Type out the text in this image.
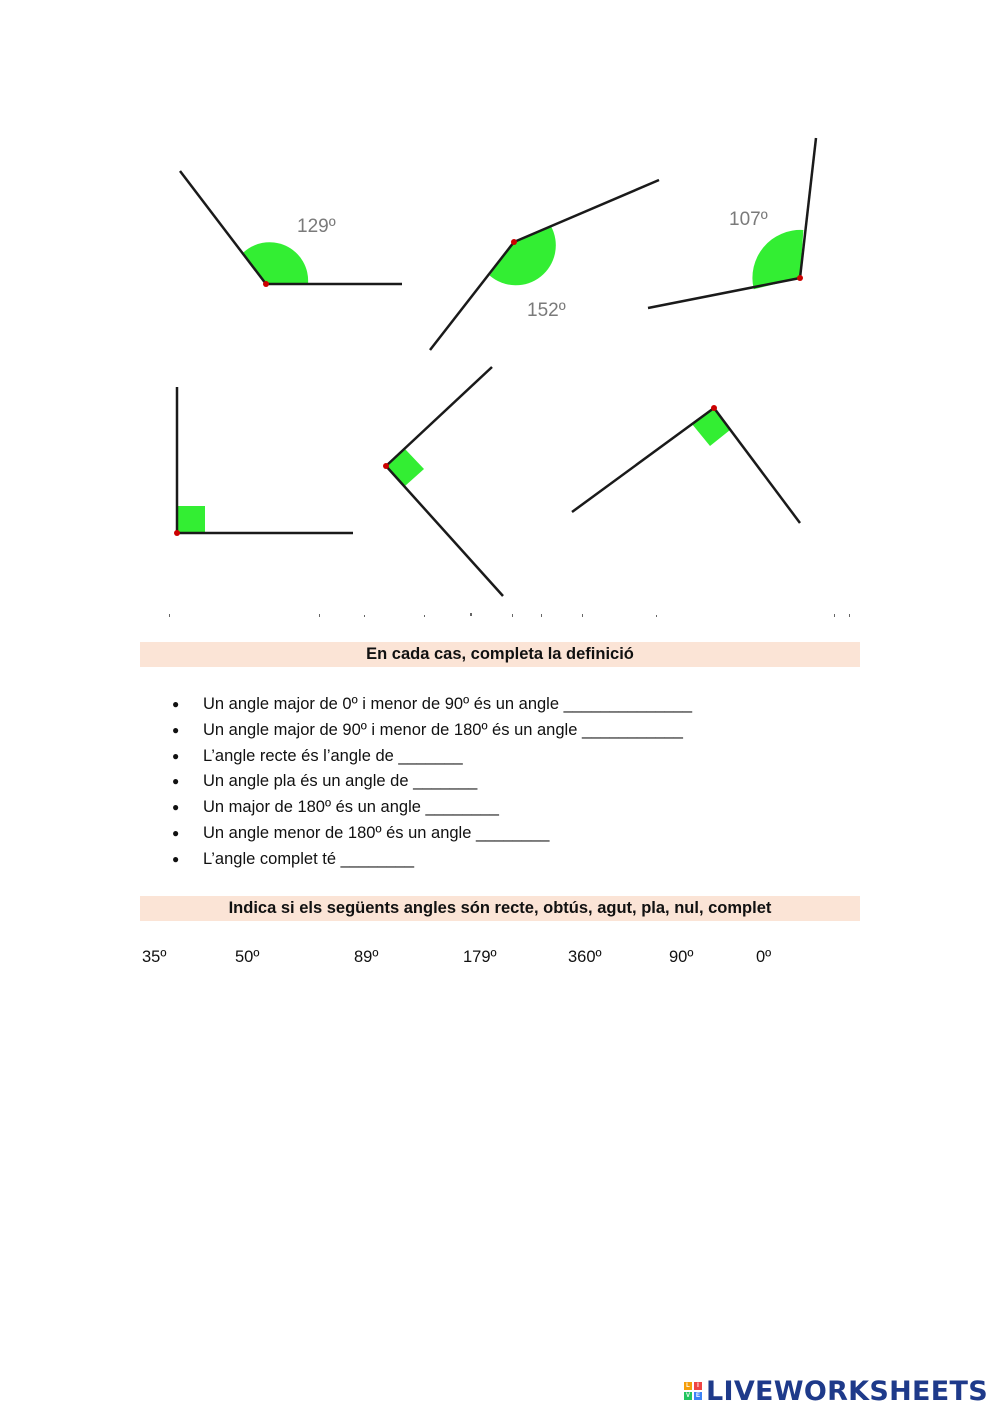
129º
152º
107º
En cada cas, completa la definició
● Un angle major de 0º i menor de 90º és un angle ______________
● Un angle major de 90º i menor de 180º és un angle ___________
● L’angle recte és l’angle de _______
● Un angle pla és un angle de _______
● Un major de 180º és un angle ________
● Un angle menor de 180º és un angle ________
● L’angle complet té ________
Indica si els següents angles són recte, obtús, agut, pla, nul, complet
35º	50º	89º	179º	360º	90º	0º
L	I
V E LIVEWORKSHEETS
